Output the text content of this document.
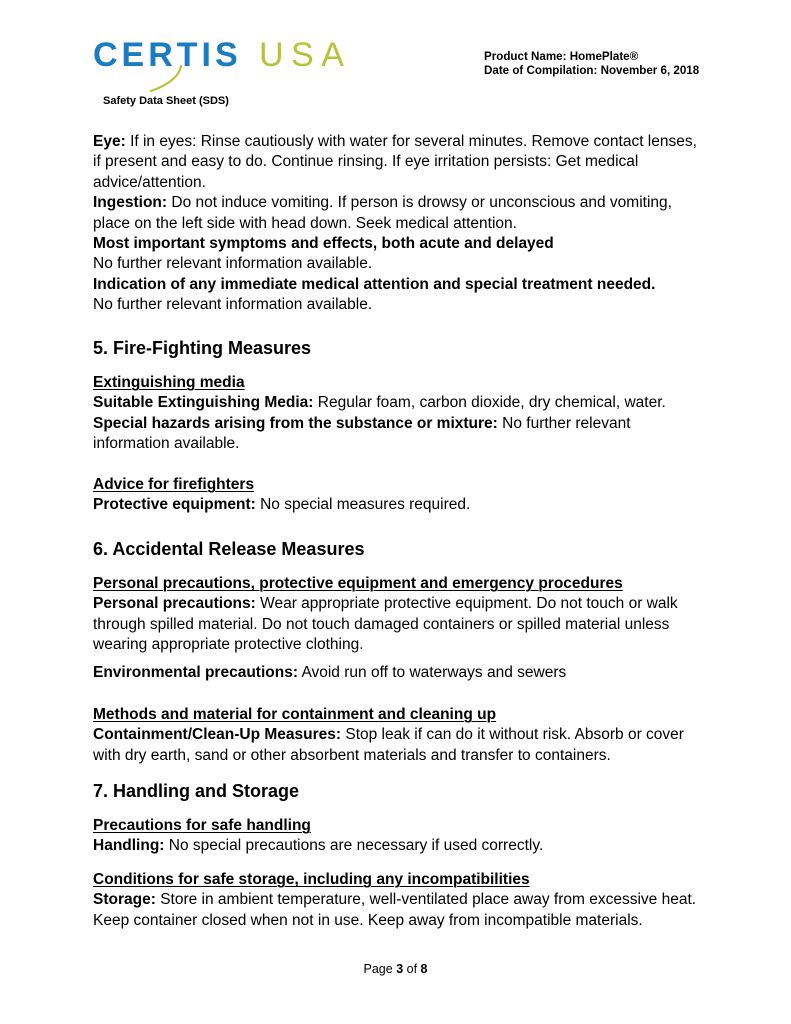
CERTIS USA
Safety Data Sheet (SDS)
Product Name: HomePlate®
Date of Compilation: November 6, 2018
Eye: If in eyes: Rinse cautiously with water for several minutes. Remove contact lenses,
if present and easy to do. Continue rinsing. If eye irritation persists: Get medical
advice/attention.
Ingestion: Do not induce vomiting. If person is drowsy or unconscious and vomiting,
place on the left side with head down. Seek medical attention.
Most important symptoms and effects, both acute and delayed
No further relevant information available.
Indication of any immediate medical attention and special treatment needed.
No further relevant information available.
5. Fire-Fighting Measures
Extinguishing media
Suitable Extinguishing Media: Regular foam, carbon dioxide, dry chemical, water.
Special hazards arising from the substance or mixture: No further relevant
information available.
Advice for firefighters
Protective equipment: No special measures required.
6. Accidental Release Measures
Personal precautions, protective equipment and emergency procedures
Personal precautions: Wear appropriate protective equipment. Do not touch or walk
through spilled material. Do not touch damaged containers or spilled material unless
wearing appropriate protective clothing.
Environmental precautions: Avoid run off to waterways and sewers
Methods and material for containment and cleaning up
Containment/Clean-Up Measures: Stop leak if can do it without risk. Absorb or cover
with dry earth, sand or other absorbent materials and transfer to containers.
7. Handling and Storage
Precautions for safe handling
Handling: No special precautions are necessary if used correctly.
Conditions for safe storage, including any incompatibilities
Storage: Store in ambient temperature, well-ventilated place away from excessive heat.
Keep container closed when not in use. Keep away from incompatible materials.
Page 3 of 8
